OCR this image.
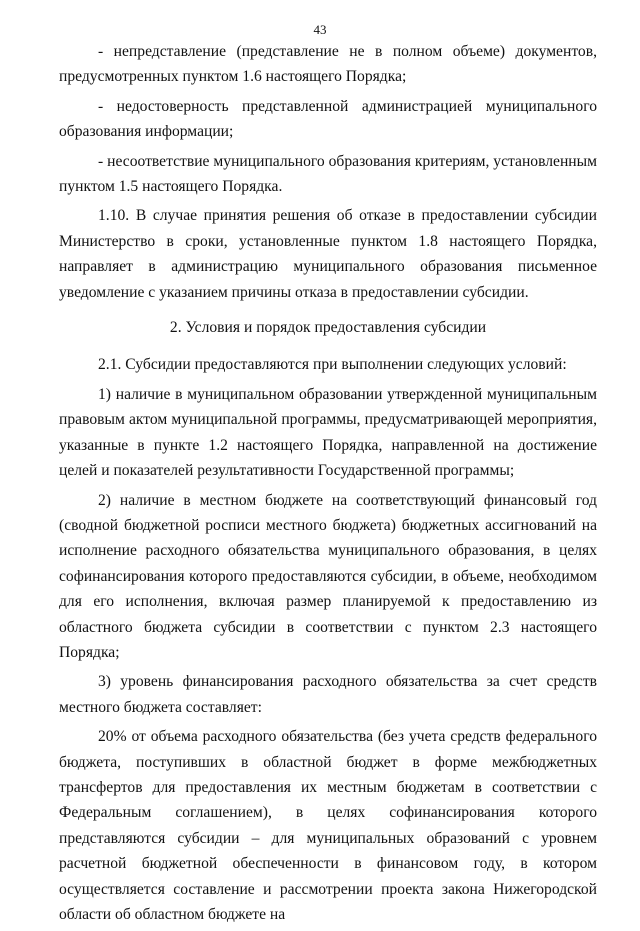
43

- непредставление (представление не в полном объеме) документов, предусмотренных пунктом 1.6 настоящего Порядка;

- недостоверность представленной администрацией муниципального образования информации;

- несоответствие муниципального образования критериям, установленным пунктом 1.5 настоящего Порядка.

1.10. В случае принятия решения об отказе в предоставлении субсидии Министерство в сроки, установленные пунктом 1.8 настоящего Порядка, направляет в администрацию муниципального образования письменное уведомление с указанием причины отказа в предоставлении субсидии.

2. Условия и порядок предоставления субсидии

2.1. Субсидии предоставляются при выполнении следующих условий:

1) наличие в муниципальном образовании утвержденной муниципальным правовым актом муниципальной программы, предусматривающей мероприятия, указанные в пункте 1.2 настоящего Порядка, направленной на достижение целей и показателей результативности Государственной программы;

2) наличие в местном бюджете на соответствующий финансовый год (сводной бюджетной росписи местного бюджета) бюджетных ассигнований на исполнение расходного обязательства муниципального образования, в целях софинансирования которого предоставляются субсидии, в объеме, необходимом для его исполнения, включая размер планируемой к предоставлению из областного бюджета субсидии в соответствии с пунктом 2.3 настоящего Порядка;

3) уровень финансирования расходного обязательства за счет средств местного бюджета составляет:

20% от объема расходного обязательства (без учета средств федерального бюджета, поступивших в областной бюджет в форме межбюджетных трансфертов для предоставления их местным бюджетам в соответствии с Федеральным соглашением), в целях софинансирования которого представляются субсидии – для муниципальных образований с уровнем расчетной бюджетной обеспеченности в финансовом году, в котором осуществляется составление и рассмотрении проекта закона Нижегородской области об областном бюджете на
